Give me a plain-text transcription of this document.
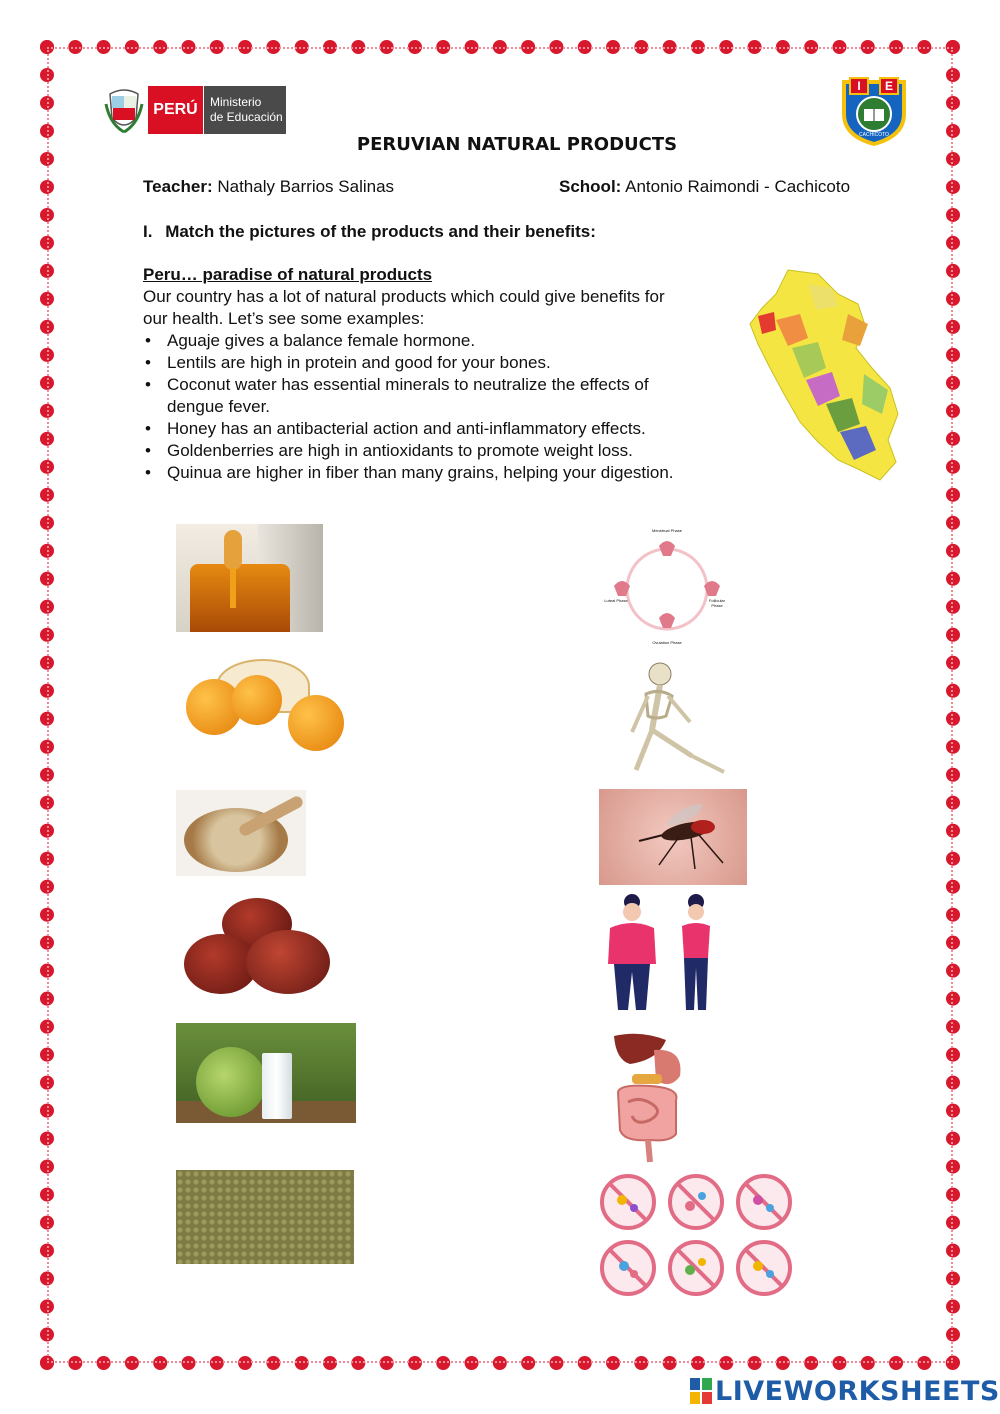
PERÚ Ministerio
de Educación
I E
CACHICOTO
PERUVIAN NATURAL PRODUCTS
Teacher: Nathaly Barrios Salinas	School: Antonio Raimondi - Cachicoto
I. Match the pictures of the products and their benefits:
Peru… paradise of natural products
Our country has a lot of natural products which could give benefits for
our health. Let’s see some examples:
• Aguaje gives a balance female hormone.
• Lentils are high in protein and good for your bones.
• Coconut water has essential minerals to neutralize the effects of
dengue fever.
• Honey has an antibacterial action and anti-inflammatory effects.
• Goldenberries are high in antioxidants to promote weight loss.
• Quinua are higher in fiber than many grains, helping your digestion.
Menstrual Phase
Luteal Phase	Follicular Phase
Ovulation Phase
LIVEWORKSHEETS
